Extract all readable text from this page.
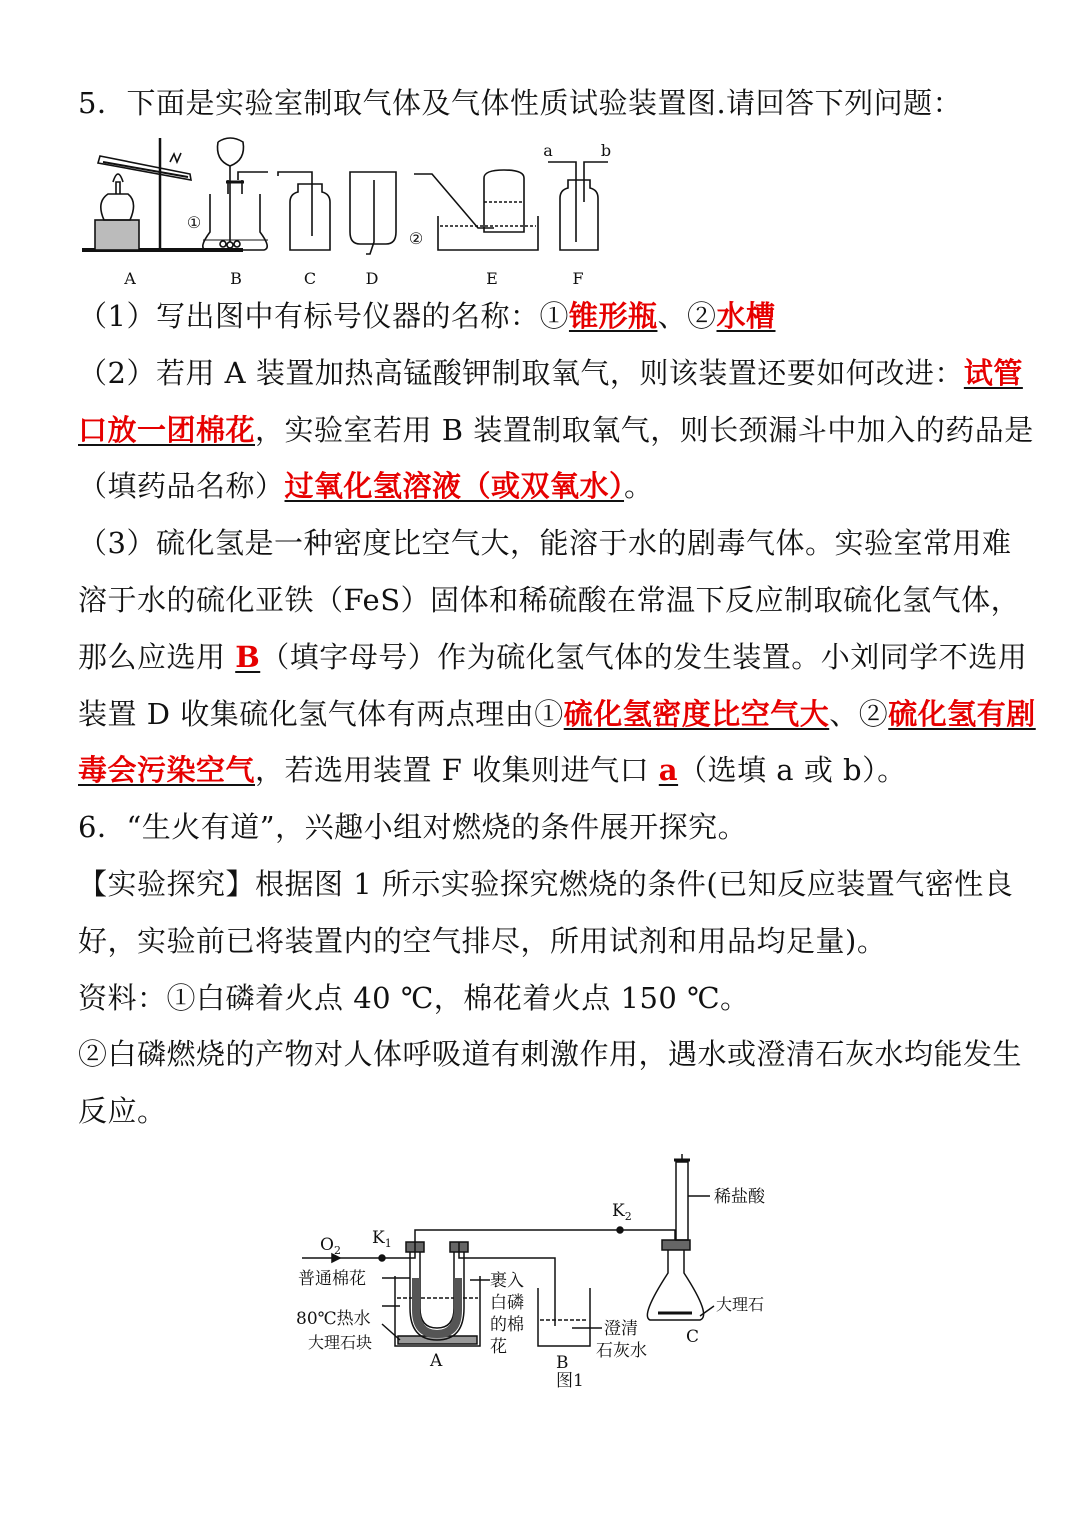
5．下面是实验室制取气体及气体性质试验装置图.请回答下列问题：
A	B	C	D	E	F
a	b
①
②
（1）写出图中有标号仪器的名称：①锥形瓶、②水槽
（2）若用 A 装置加热高锰酸钾制取氧气，则该装置还要如何改进：试管
口放一团棉花，实验室若用 B 装置制取氧气，则长颈漏斗中加入的药品是
（填药品名称）过氧化氢溶液（或双氧水）。
（3）硫化氢是一种密度比空气大，能溶于水的剧毒气体。实验室常用难
溶于水的硫化亚铁（FeS）固体和稀硫酸在常温下反应制取硫化氢气体，
那么应选用 B（填字母号）作为硫化氢气体的发生装置。小刘同学不选用
装置 D 收集硫化氢气体有两点理由①硫化氢密度比空气大、②硫化氢有剧
毒会污染空气，若选用装置 F 收集则进气口 a（选填 a 或 b）。
6．“生火有道”，兴趣小组对燃烧的条件展开探究。
【实验探究】根据图 1 所示实验探究燃烧的条件(已知反应装置气密性良
好，实验前已将装置内的空气排尽，所用试剂和用品均足量)。
资料：①白磷着火点 40 ℃，棉花着火点 150 ℃。
②白磷燃烧的产物对人体呼吸道有刺激作用，遇水或澄清石灰水均能发生
反应。
$O_2$
$K_1$
$K_2$
普通棉花
80℃热水
大理石块
裹入
白磷
的棉
花
澄清
石灰水
稀盐酸
大理石
A	B
C
图1
